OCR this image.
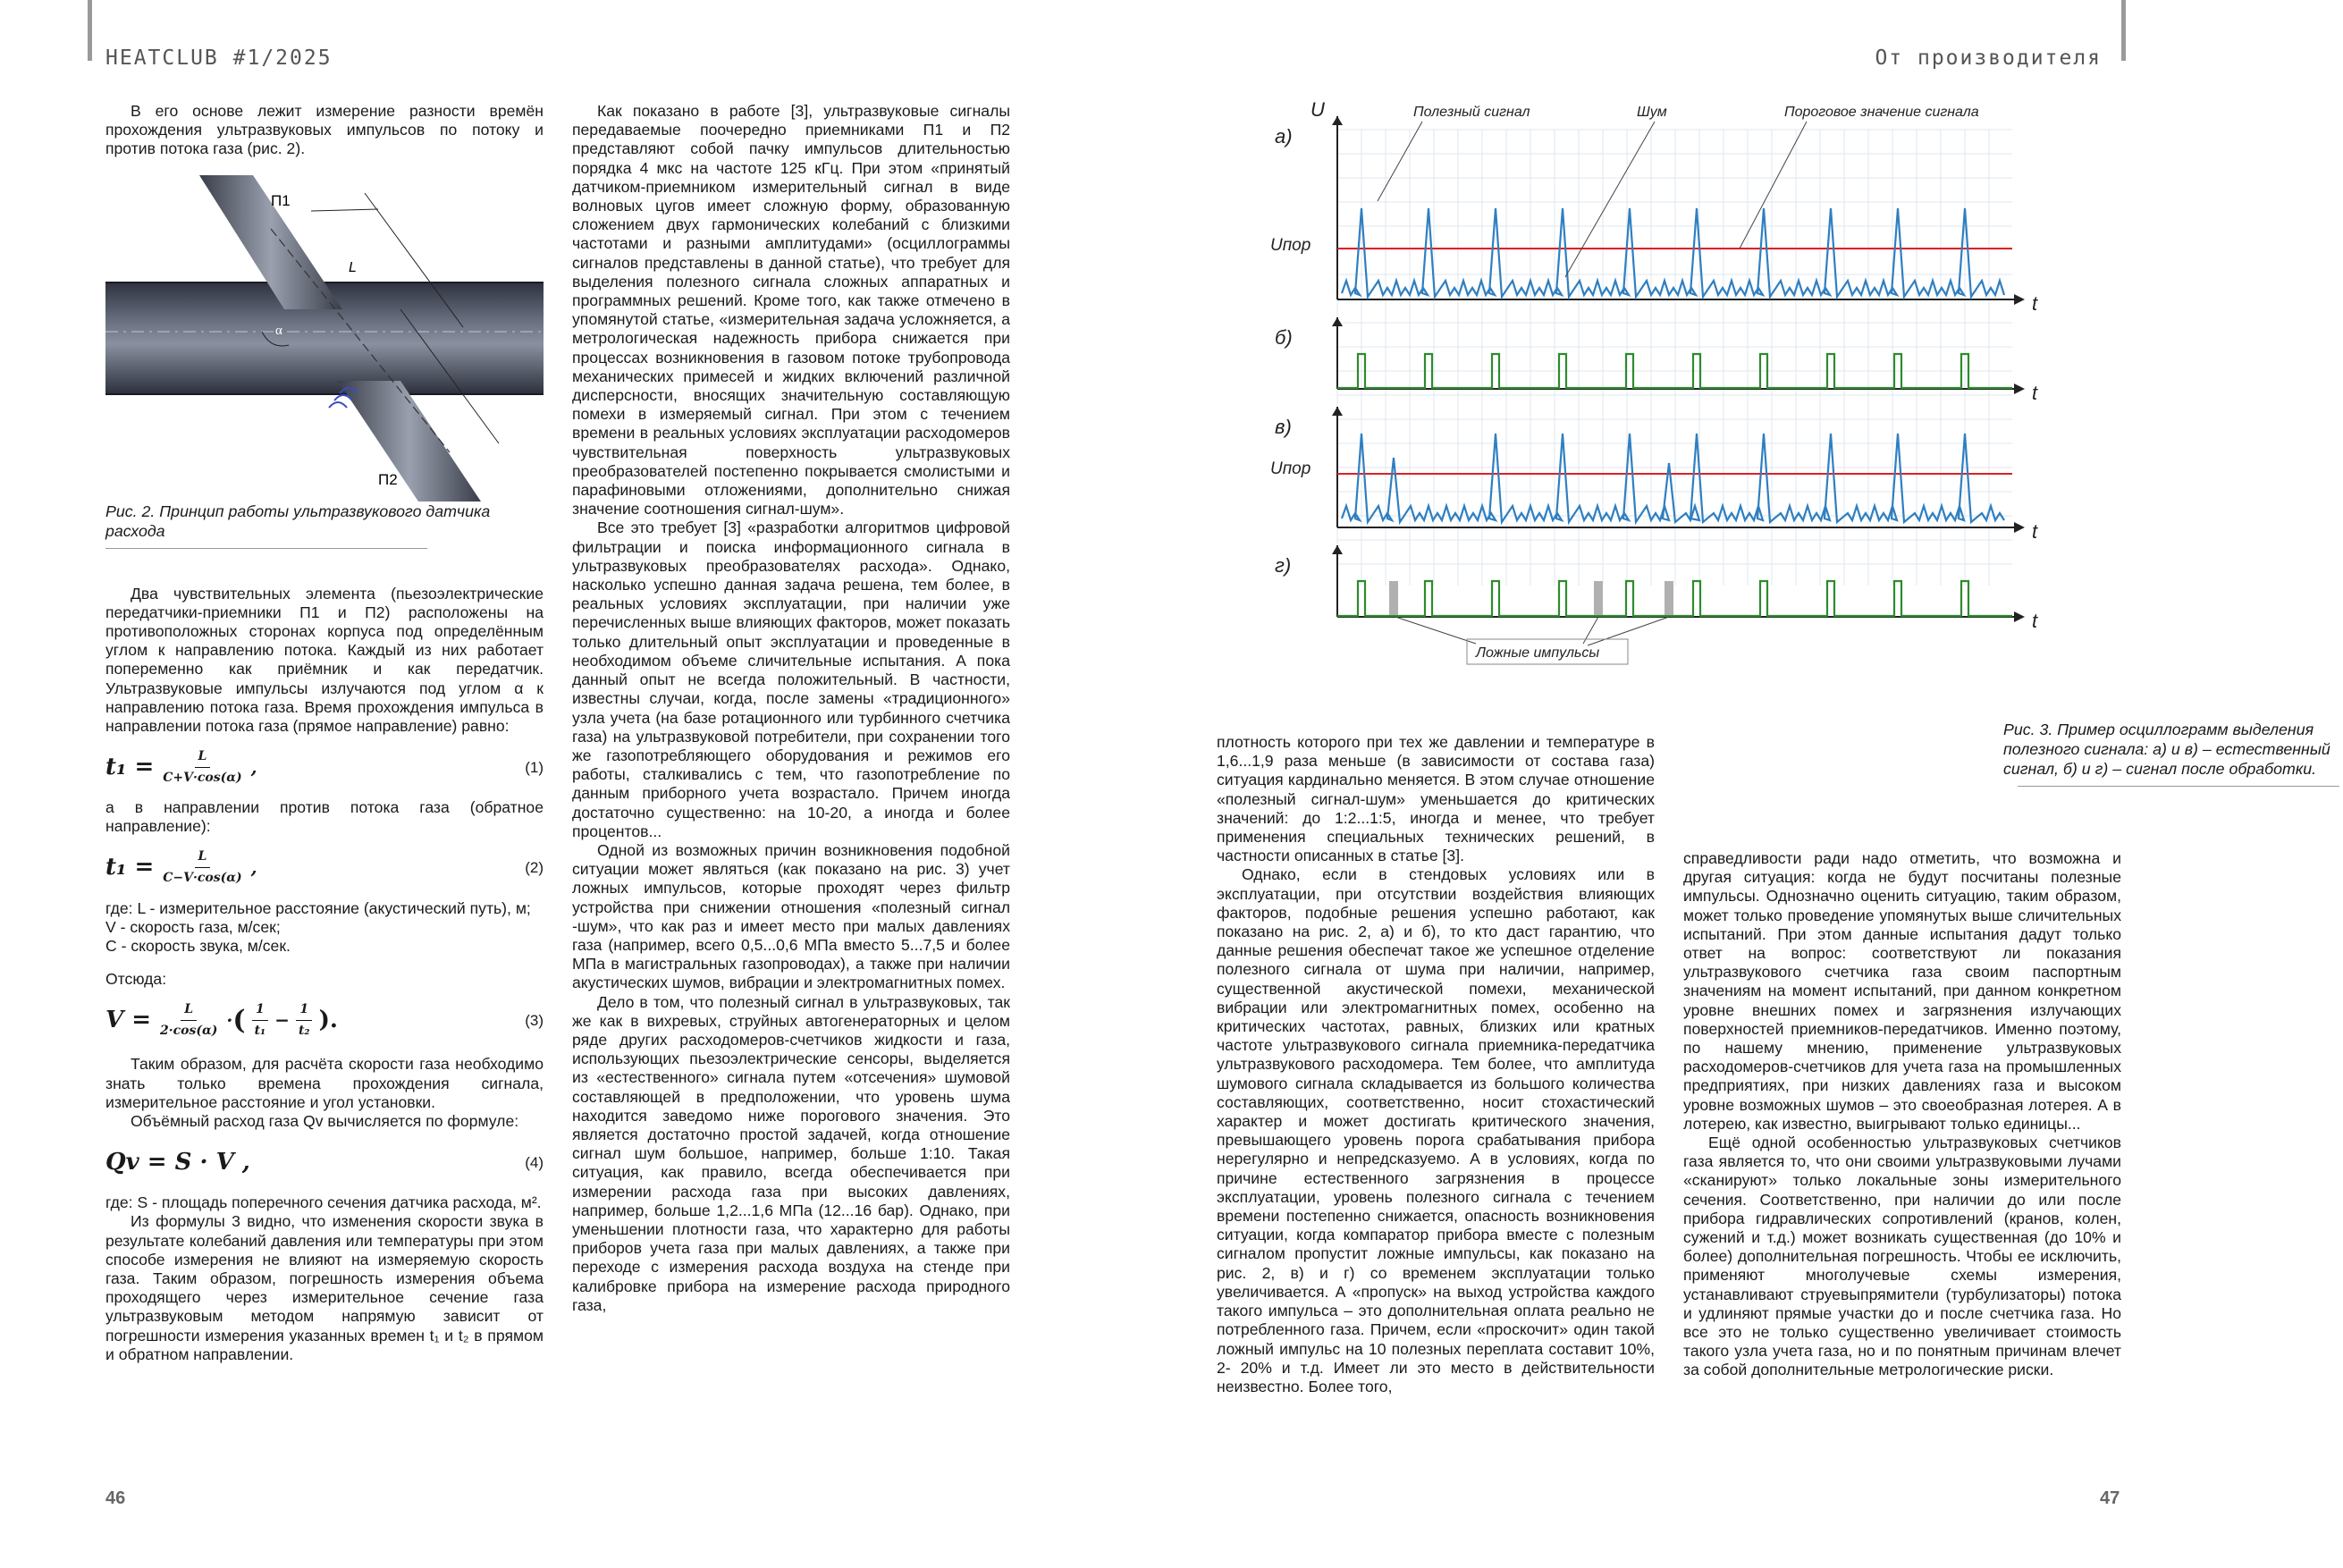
HEATCLUB #1/2025

В его основе лежит измерение разности времён прохождения ультразвуковых импульсов по потоку и против потока газа (рис. 2).

П1
L
α
П2

Рис. 2. Принцип работы ультразвукового датчика расхода

Два чувствительных элемента (пьезоэлектрические передатчики-приемники П1 и П2) расположены на противоположных сторонах корпуса под определённым углом к направлению потока. Каждый из них работает попеременно как приёмник и как передатчик. Ультразвуковые импульсы излучаются под углом α к направлению потока газа. Время прохождения импульса в направлении потока газа (прямое направление) равно:

$t_1 = \frac{L}{C+V\cdot\cos(\alpha)}$ ,	(1)

а в направлении против потока газа (обратное направление):

$t_1 = \frac{L}{C-V\cdot\cos(\alpha)}$ ,	(2)

где: L - измерительное расстояние (акустический путь), м;

V - скорость газа, м/сек;

C - скорость звука, м/сек.

Отсюда:

$V = \frac{L}{2\cdot\cos(\alpha)}$ · ( $\frac{1}{\text{t₁}} - \frac{1}{\text{t₂}}$ ).	(3)

Таким образом, для расчёта скорости газа необходимо знать только времена прохождения сигнала, измерительное расстояние и угол установки.

Объёмный расход газа Qv вычисляется по формуле:

Qv = S · V ,	(4)

где: S - площадь поперечного сечения датчика расхода, м².

Из формулы 3 видно, что изменения скорости звука в результате колебаний давления или температуры при этом способе измерения не влияют на измеряемую скорость газа. Таким образом, погрешность измерения объема проходящего через измерительное сечение газа ультразвуковым методом напрямую зависит от погрешности измерения указанных времен t₁ и t₂ в прямом и обратном направлении.

Как показано в работе [3], ультразвуковые сигналы передаваемые поочередно приемниками П1 и П2 представляют собой пачку импульсов длительностью порядка 4 мкс на частоте 125 кГц. При этом «принятый датчиком-приемником измерительный сигнал в виде волновых цугов имеет сложную форму, образованную сложением двух гармонических колебаний с близкими частотами и разными амплитудами» (осциллограммы сигналов представлены в данной статье), что требует для выделения полезного сигнала сложных аппаратных и программных решений. Кроме того, как также отмечено в упомянутой статье, «измерительная задача усложняется, а метрологическая надежность прибора снижается при процессах возникновения в газовом потоке трубопровода механических примесей и жидких включений различной дисперсности, вносящих значительную составляющую помехи в измеряемый сигнал. При этом с течением времени в реальных условиях эксплуатации расходомеров чувствительная поверхность ультразвуковых преобразователей постепенно покрывается смолистыми и парафиновыми отложениями, дополнительно снижая значение соотношения сигнал-шум».

Все это требует [3] «разработки алгоритмов цифровой фильтрации и поиска информационного сигнала в ультразвуковых преобразователях расхода». Однако, насколько успешно данная задача решена, тем более, в реальных условиях эксплуатации, при наличии уже перечисленных выше влияющих факторов, может показать только длительный опыт эксплуатации и проведенные в необходимом объеме сличительные испытания. А пока данный опыт не всегда положительный. В частности, известны случаи, когда, после замены «традиционного» узла учета (на базе ротационного или турбинного счетчика газа) на ультразвуковой потребители, при сохранении того же газопотребляющего оборудования и режимов его работы, сталкивались с тем, что газопотребление по данным приборного учета возрастало. Причем иногда достаточно существенно: на 10-20, а иногда и более процентов...

Одной из возможных причин возникновения подобной ситуации может являться (как показано на рис. 3) учет ложных импульсов, которые проходят через фильтр устройства при снижении отношения «полезный сигнал -шум», что как раз и имеет место при малых давлениях газа (например, всего 0,5...0,6 МПа вместо 5...7,5 и более МПа в магистральных газопроводах), а также при наличии акустических шумов, вибрации и электромагнитных помех.

Дело в том, что полезный сигнал в ультразвуковых, так же как в вихревых, струйных автогенераторных и целом ряде других расходомеров-счетчиков жидкости и газа, использующих пьезоэлектрические сенсоры, выделяется из «естественного» сигнала путем «отсечения» шумовой составляющей в предположении, что уровень шума находится заведомо ниже порогового значения. Это является достаточно простой задачей, когда отношение сигнал шум большое, например, больше 1:10. Такая ситуация, как правило, всегда обеспечивается при измерении расхода газа при высоких давлениях, например, больше 1,2...1,6 МПа (12...16 бар). Однако, при уменьшении плотности газа, что характерно для работы приборов учета газа при малых давлениях, а также при переходе с измерения расхода воздуха на стенде при калибровке прибора на измерение расхода природного газа,

46
От производителя
t
а)
U
Uпор
Полезный сигнал	Шум	Пороговое значение сигнала
t
б)
t
в)
Uпор
t
г)
Ложные импульсы

Рис. 3. Пример осциллограмм выделения полезного сигнала: а) и в) – естественный сигнал, б) и г) – сигнал после обработки.

плотность которого при тех же давлении и температуре в 1,6...1,9 раза меньше (в зависимости от состава газа) ситуация кардинально меняется. В этом случае отношение «полезный сигнал-шум» уменьшается до критических значений: до 1:2...1:5, иногда и менее, что требует применения специальных технических решений, в частности описанных в статье [3].

Однако, если в стендовых условиях или в эксплуатации, при отсутствии воздействия влияющих факторов, подобные решения успешно работают, как показано на рис. 2, а) и б), то кто даст гарантию, что данные решения обеспечат такое же успешное отделение полезного сигнала от шума при наличии, например, существенной акустической помехи, механической вибрации или электромагнитных помех, особенно на критических частотах, равных, близких или кратных частоте ультразвукового сигнала приемника-передатчика ультразвукового расходомера. Тем более, что амплитуда шумового сигнала складывается из большого количества составляющих, соответственно, носит стохастический характер и может достигать критического значения, превышающего уровень порога срабатывания прибора нерегулярно и непредсказуемо. А в условиях, когда по причине естественного загрязнения в процессе эксплуатации, уровень полезного сигнала с течением времени постепенно снижается, опасность возникновения ситуации, когда компаратор прибора вместе с полезным сигналом пропустит ложные импульсы, как показано на рис. 2, в) и г) со временем эксплуатации только увеличивается. А «пропуск» на выход устройства каждого такого импульса – это дополнительная оплата реально не потребленного газа. Причем, если «проскочит» один такой ложный импульс на 10 полезных переплата составит 10%, 2- 20% и т.д. Имеет ли это место в действительности неизвестно. Более того,

справедливости ради надо отметить, что возможна и другая ситуация: когда не будут посчитаны полезные импульсы. Однозначно оценить ситуацию, таким образом, может только проведение упомянутых выше сличительных испытаний. При этом данные испытания дадут только ответ на вопрос: соответствуют ли показания ультразвукового счетчика газа своим паспортным значениям на момент испытаний, при данном конкретном уровне внешних помех и загрязнения излучающих поверхностей приемников-передатчиков. Именно поэтому, по нашему мнению, применение ультразвуковых расходомеров-счетчиков для учета газа на промышленных предприятиях, при низких давлениях газа и высоком уровне возможных шумов – это своеобразная лотерея. А в лотерею, как известно, выигрывают только единицы...

Ещё одной особенностью ультразвуковых счетчиков газа является то, что они своими ультразвуковыми лучами «сканируют» только локальные зоны измерительного сечения. Соответственно, при наличии до или после прибора гидравлических сопротивлений (кранов, колен, сужений и т.д.) может возникать существенная (до 10% и более) дополнительная погрешность. Чтобы ее исключить, применяют многолучевые схемы измерения, устанавливают струевыпрямители (турбулизаторы) потока и удлиняют прямые участки до и после счетчика газа. Но все это не только существенно увеличивает стоимость такого узла учета газа, но и по понятным причинам влечет за собой дополнительные метрологические риски.

47
